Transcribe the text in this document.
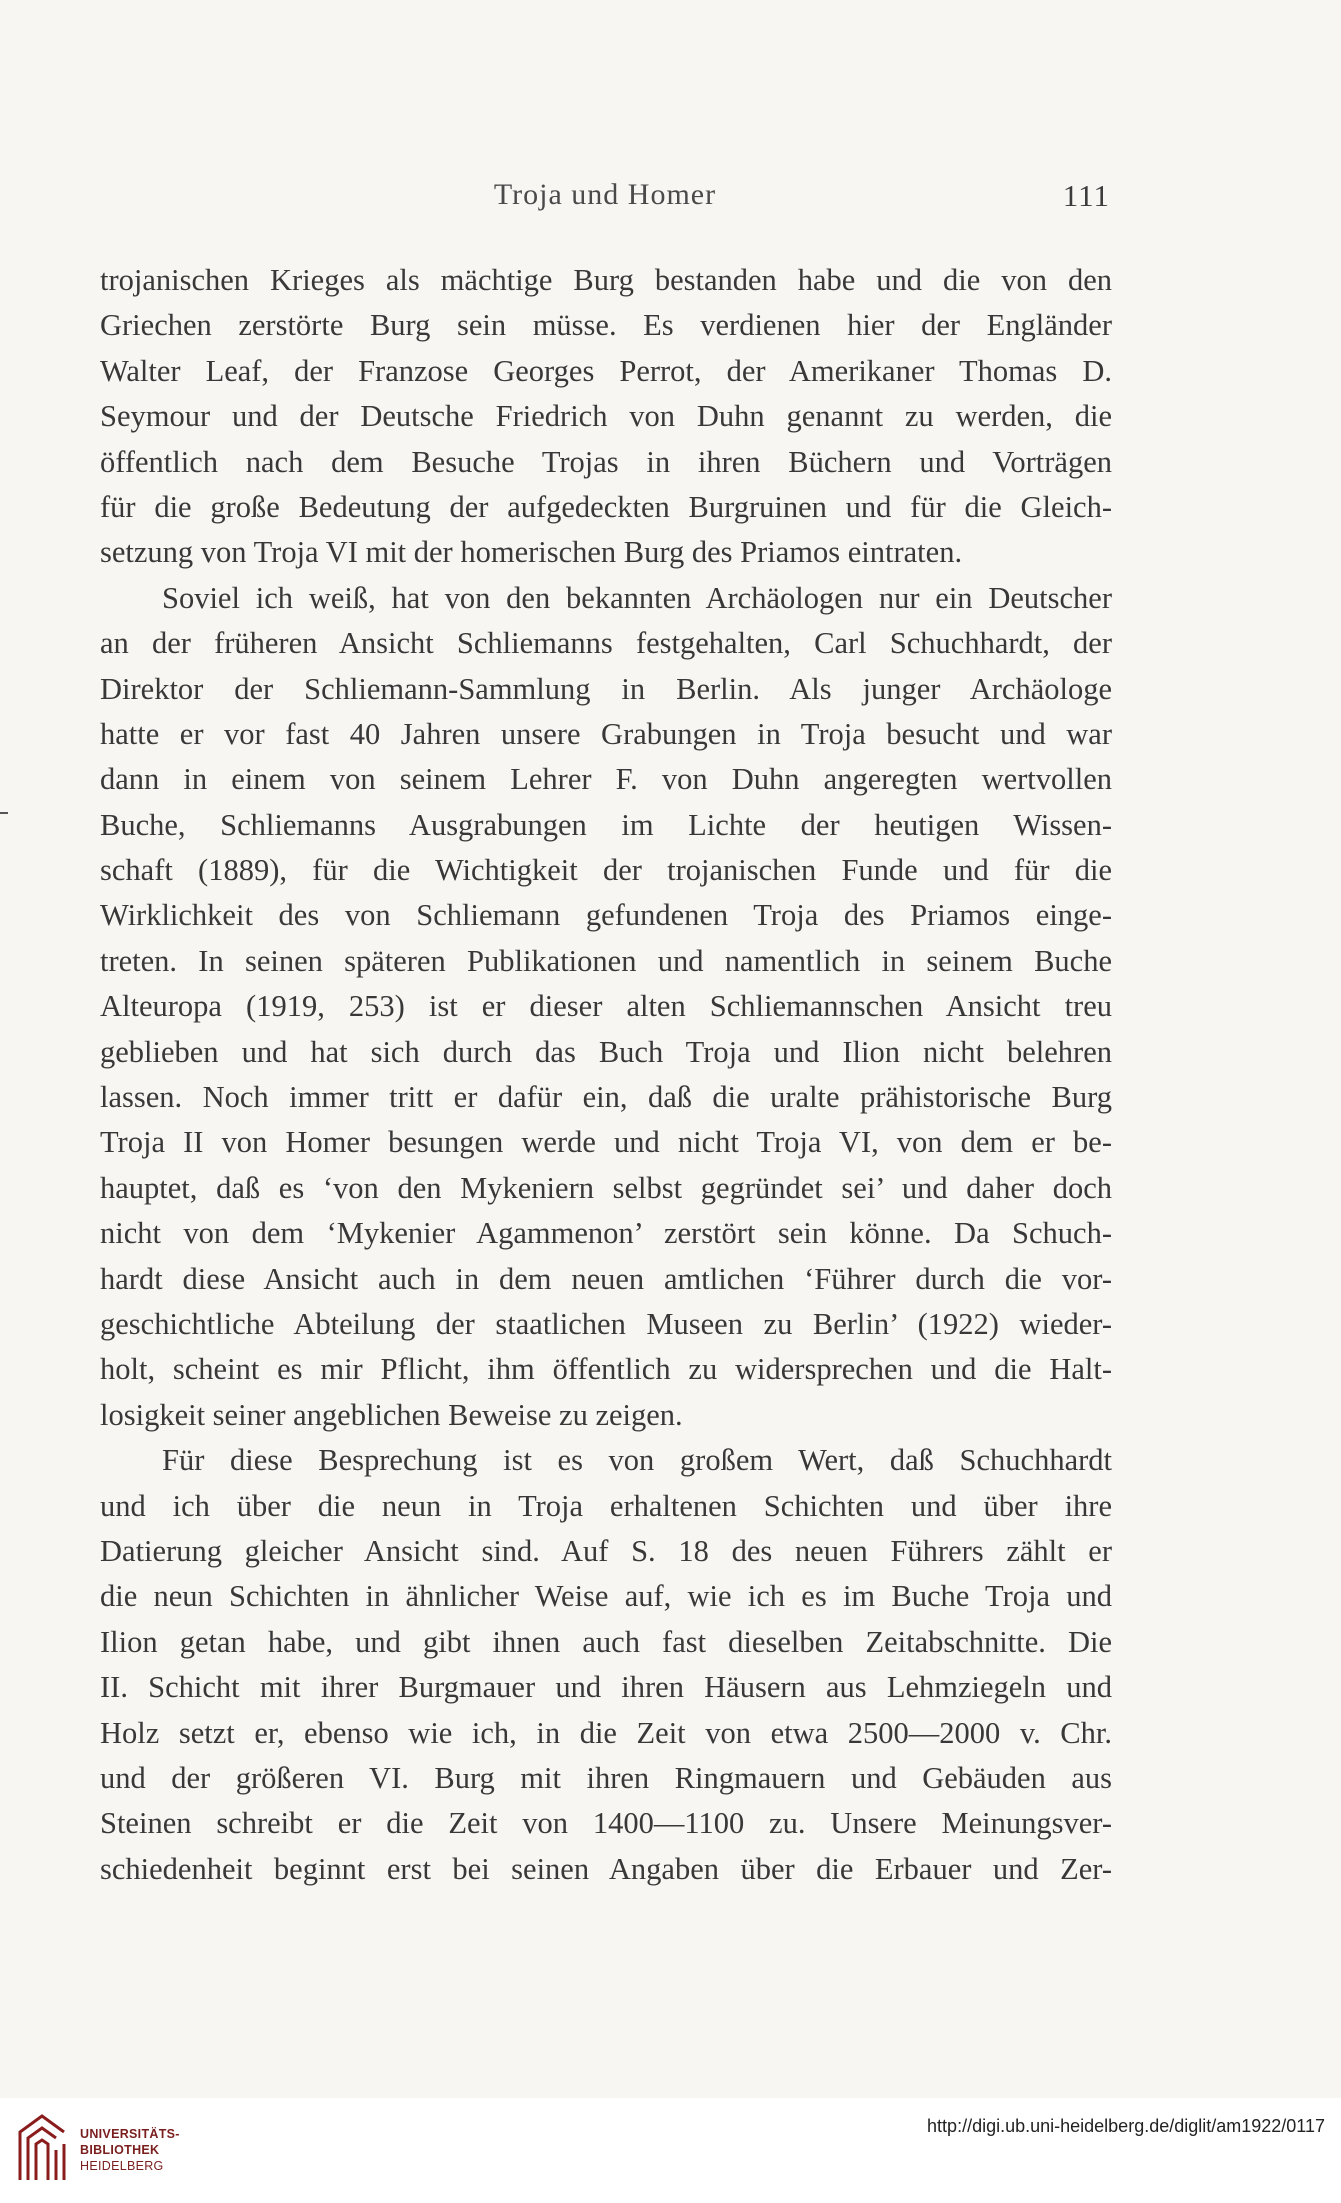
Troja und Homer	111
trojanischen Krieges als mächtige Burg bestanden habe und die von den
Griechen zerstörte Burg sein müsse. Es verdienen hier der Engländer
Walter Leaf, der Franzose Georges Perrot, der Amerikaner Thomas D.
Seymour und der Deutsche Friedrich von Duhn genannt zu werden, die
öffentlich nach dem Besuche Trojas in ihren Büchern und Vorträgen
für die große Bedeutung der aufgedeckten Burgruinen und für die Gleich-
setzung von Troja VI mit der homerischen Burg des Priamos eintraten.
Soviel ich weiß, hat von den bekannten Archäologen nur ein Deutscher
an der früheren Ansicht Schliemanns festgehalten, Carl Schuchhardt, der
Direktor der Schliemann-Sammlung in Berlin. Als junger Archäologe
hatte er vor fast 40 Jahren unsere Grabungen in Troja besucht und war
dann in einem von seinem Lehrer F. von Duhn angeregten wertvollen
Buche, Schliemanns Ausgrabungen im Lichte der heutigen Wissen-
schaft (1889), für die Wichtigkeit der trojanischen Funde und für die
Wirklichkeit des von Schliemann gefundenen Troja des Priamos einge-
treten. In seinen späteren Publikationen und namentlich in seinem Buche
Alteuropa (1919, 253) ist er dieser alten Schliemannschen Ansicht treu
geblieben und hat sich durch das Buch Troja und Ilion nicht belehren
lassen. Noch immer tritt er dafür ein, daß die uralte prähistorische Burg
Troja II von Homer besungen werde und nicht Troja VI, von dem er be-
hauptet, daß es ‘von den Mykeniern selbst gegründet sei’ und daher doch
nicht von dem ‘Mykenier Agammenon’ zerstört sein könne. Da Schuch-
hardt diese Ansicht auch in dem neuen amtlichen ‘Führer durch die vor-
geschichtliche Abteilung der staatlichen Museen zu Berlin’ (1922) wieder-
holt, scheint es mir Pflicht, ihm öffentlich zu widersprechen und die Halt-
losigkeit seiner angeblichen Beweise zu zeigen.
Für diese Besprechung ist es von großem Wert, daß Schuchhardt
und ich über die neun in Troja erhaltenen Schichten und über ihre
Datierung gleicher Ansicht sind. Auf S. 18 des neuen Führers zählt er
die neun Schichten in ähnlicher Weise auf, wie ich es im Buche Troja und
Ilion getan habe, und gibt ihnen auch fast dieselben Zeitabschnitte. Die
II. Schicht mit ihrer Burgmauer und ihren Häusern aus Lehmziegeln und
Holz setzt er, ebenso wie ich, in die Zeit von etwa 2500—2000 v. Chr.
und der größeren VI. Burg mit ihren Ringmauern und Gebäuden aus
Steinen schreibt er die Zeit von 1400—1100 zu. Unsere Meinungsver-
schiedenheit beginnt erst bei seinen Angaben über die Erbauer und Zer-
UNIVERSITÄTS-
BIBLIOTHEK
HEIDELBERG
http://digi.ub.uni-heidelberg.de/diglit/am1922/0117
